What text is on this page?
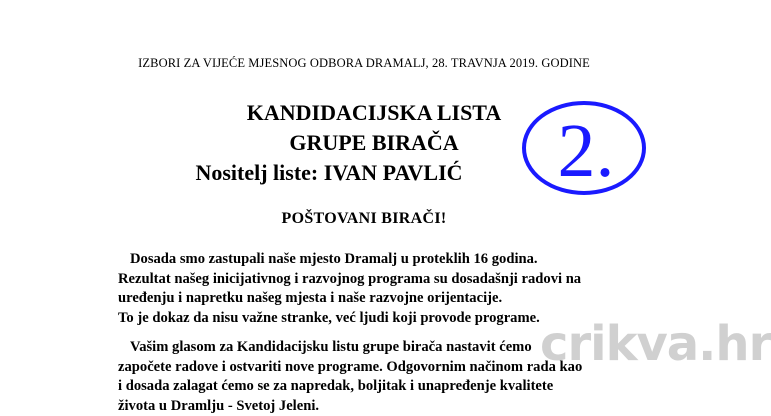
IZBORI ZA VIJEĆE MJESNOG ODBORA DRAMALJ, 28. TRAVNJA 2019. GODINE
KANDIDACIJSKA LISTA
GRUPE BIRAČA
Nositelj liste: IVAN PAVLIĆ	2.
POŠTOVANI BIRAČI!

Dosada smo zastupali naše mjesto Dramalj u proteklih 16 godina.

Rezultat našeg inicijativnog i razvojnog programa su dosadašnji radovi na

uređenju i napretku našeg mjesta i naše razvojne orijentacije.

To je dokaz da nisu važne stranke, već ljudi koji provode programe.

Vašim glasom za Kandidacijsku listu grupe birača nastavit ćemo

započete radove i ostvariti nove programe. Odgovornim načinom rada kao

i dosada zalagat ćemo se za napredak, boljitak i unapređenje kvalitete

života u Dramlju - Svetoj Jeleni.

crikva.hr
